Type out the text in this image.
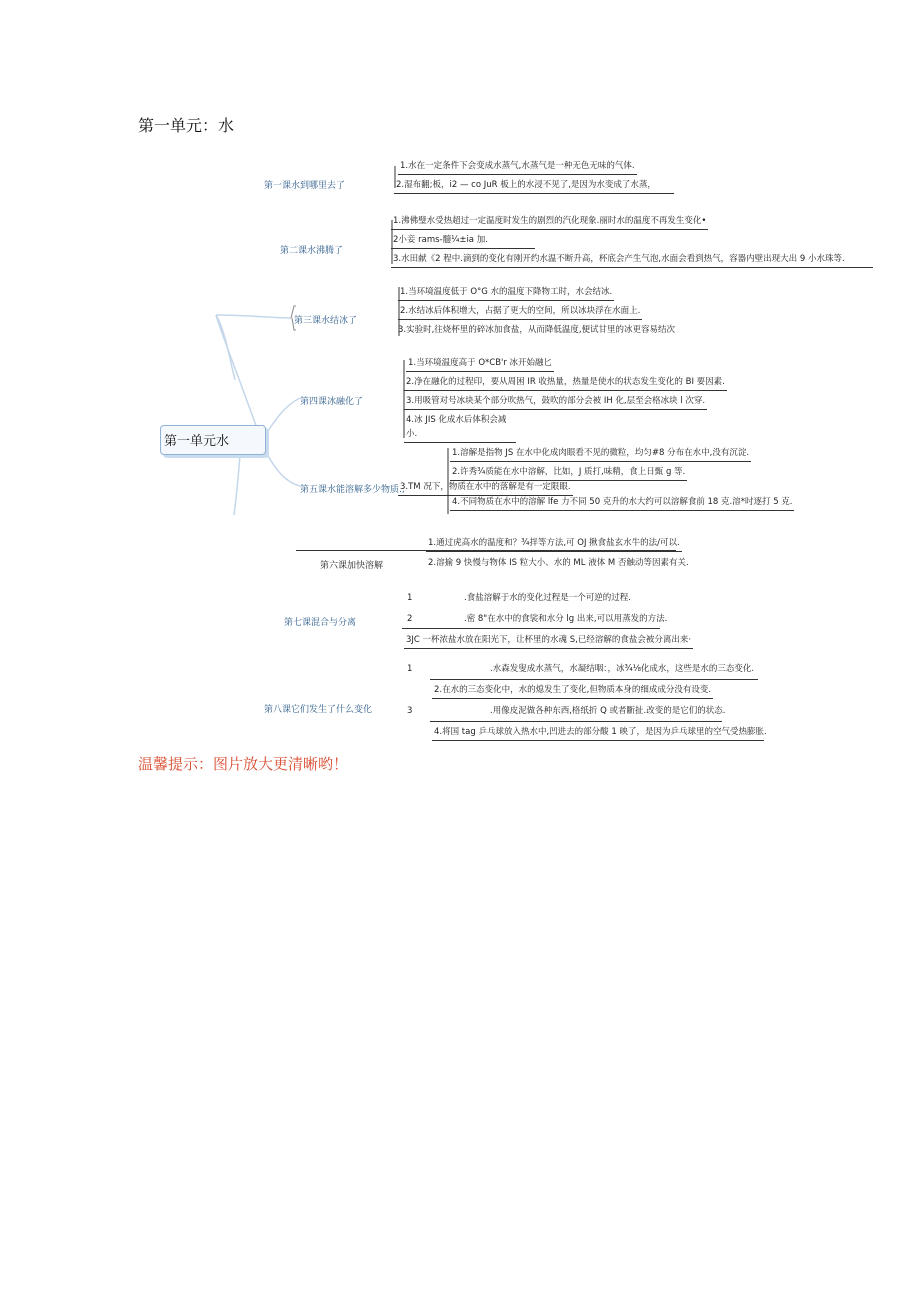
第一单元：水
第一单元水
第一课水到哪里去了
1.水在一定条件下会变成水蒸气,水蒸气是一种无色无味的气体.
2.湿布翻;板，i2 — co JuR 板上的水浸不见了,是因为水变成了水蒸，
第二课水沸腾了
1.沸佛璧水受热超过一定温度时发生的剧烈的汽化现象.丽时水的温度不再发生变化•
2小妾 rams-髓¼±ia 加.
3.水田献《2 程中.滴到的变化有刚开约水温不断升高，杯底会产生气泡,水面会看到热气，容器内壁出现大出 9 小水珠等.
第三课水结冰了
1.当环境温度低于 O°G 水的温度下降物工时，水会结冰.
2.水结冰后体积增大，占据了更大的空间，所以冰块浮在水面上.
3.实验时,往烧杯里的碎冰加食盐，从而降低温度,便试甘里的冰更容易结次
第四课冰融化了
1.当环境温度高于 O*CB'r 冰开始融匕
2.净在融化的过程印，要从周困 IR 收热量，热量是使水的状态发生变化的 BI 要因素.
3.用吸管对号冰块某个部分吹热气，鼓吹的部分会被 IH 化,层至会格冰块 l 次穿.
4.冰 JIS 化成水后体积会减
小.
第五课水能溶解多少物质.,
1.溶解是指物 JS 在水中化成肉眼看不见的微粒，均匀#8 分布在水中,没有沉淀.
2.许秀¾质能在水中溶解，比如，J 质打,味精，食上日甄 g 等.
3.TM 况下，物质在水中的落解是有一定限眼.
4.不同物质在水中的溶解 lfe 力不同 50 克升的水大约可以溶解食前 18 克.溶*吋逐打 5 克.
第六课加快溶解
1.通过虎高水的温度和？¾拌等方法,可 OJ 揪食盐玄水牛的法/可以.
2.溶揄 9 快慢与物体 IS 粒大小、水的 ML 液体 M 否触动等因素有关.
第七课混合与分离
1	.食盐溶解于水的变化过程是一个可逆的过程.
2	.密 8"在水中的食裟和水分 lg 出来,可以用蒸发的方法.
3JC 一杯浓盐水放在阳光下，让杯里的水魂 S,已经溶解的食盐会被分离出来·
第八课它们发生了什么变化
1	.水森发叟成水蒸气，水凝结咽：，冰¾⅛化成水，这些是水的三态变化.
2.在水的三态变化中，水的熄发生了变化,但物质本身的细成成分没有设变.
3	.用像皮泥做各种东西,格纸折 Q 或者斷扯.改变的是它们的状态.
4.将国 tag 乒乓球放入热水中,凹进去的部分酸 1 映了，是因为乒乓球里的空气受热膨胀.
温馨提示：图片放大更清晰哟！
